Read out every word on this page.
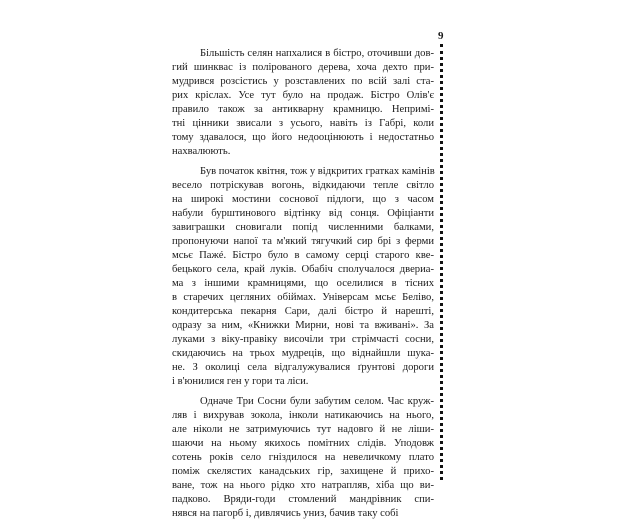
9
Більшість селян напхалися в бістро, оточивши дов-
гий шинквас із полірованого дерева, хоча дехто при-
мудрився розсістись у розставлених по всій залі ста-
рих кріслах. Усе тут було на продаж. Бістро Олів'є
правило також за антикварну крамницю. Непримі-
тні цінники звисали з усього, навіть із Габрі, коли
тому здавалося, що його недооцінюють і недостатньо
нахвалюють.
Був початок квітня, тож у відкритих гратках камінів
весело потріскував вогонь, відкидаючи тепле світло
на широкі мостини соснової підлоги, що з часом
набули бурштинового відтінку від сонця. Офіціанти
завиграшки сновигали попід численними балками,
пропонуючи напої та м'який тягучкий сир брі з ферми
мсьє Пажé. Бістро було в самому серці старого кве-
бецького села, край луків. Обабіч сполучалося двериа-
ма з іншими крамницями, що оселилися в тісних
в старечих цегляних обіймах. Універсам мсьє Беліво,
кондитерська пекарня Сари, далі бістро й нарешті,
одразу за ним, «Книжки Мирни, нові та вживані». За
луками з віку-правіку височіли три стрімчасті сосни,
скидаючись на трьох мудреців, що віднайшли шука-
не. З околиці села відгалужувалися ґрунтові дороги
і в'юнилися ген у гори та ліси.
Одначе Три Сосни були забутим селом. Час круж-
ляв і вихрував зокола, інколи натикаючись на нього,
але ніколи не затримуючись тут надовго й не ліши-
шаючи на ньому якихось помітних слідів. Уподовж
сотень років село гніздилося на невеличкому плато
поміж скелястих канадських гір, захищене й прихо-
ване, тож на нього рідко хто натрапляв, хіба що ви-
падково. Вряди-годи стомлений мандрівник спи-
нявся на пагорб і, дивлячись униз, бачив таку собі
